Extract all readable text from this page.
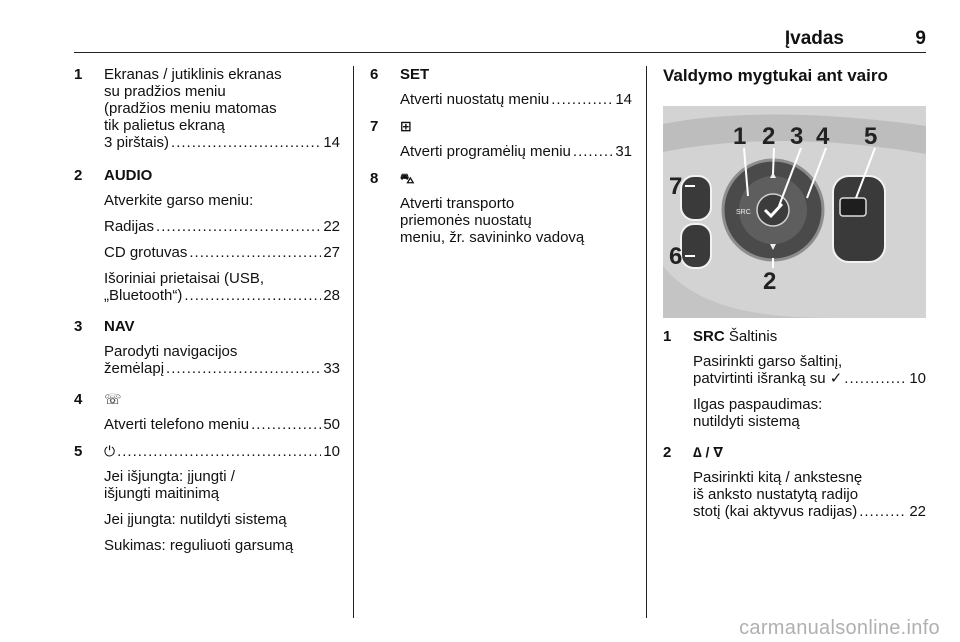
Įvadas	9
1	Ekranas / jutiklinis ekranas
su pradžios meniu
(pradžios meniu matomas
tik palietus ekraną
3 pirštais) .....	14
2	AUDIO
Atverkite garso meniu:
Radijas .....	22
CD grotuvas .....	27
Išoriniai prietaisai (USB,
„Bluetooth“) .....	28
3	NAV
Parodyti navigacijos
žemėlapį .....	33
4	☏
Atverti telefono meniu .....	50
5	⏻ .....	10
Jei išjungta: įjungti /
išjungti maitinimą
Jei įjungta: nutildyti sistemą
Sukimas: reguliuoti garsumą
6	SET
Atverti nuostatų meniu .....	14
7	⊞
Atverti programėlių meniu .....	31
8	⛍
Atverti transporto
priemonės nuostatų
meniu, žr. savininko vadovą
Valdymo mygtukai ant vairo
SRC
1 2 3 4 5
7
6
2
1	SRC Šaltinis
Pasirinkti garso šaltinį,
patvirtinti išranką su ✓ .....	10
Ilgas paspaudimas:
nutildyti sistemą
2	∆ / ∇
Pasirinkti kitą / ankstesnę
iš anksto nustatytą radijo
stotį (kai aktyvus radijas) .....	22
carmanualsonline.info
